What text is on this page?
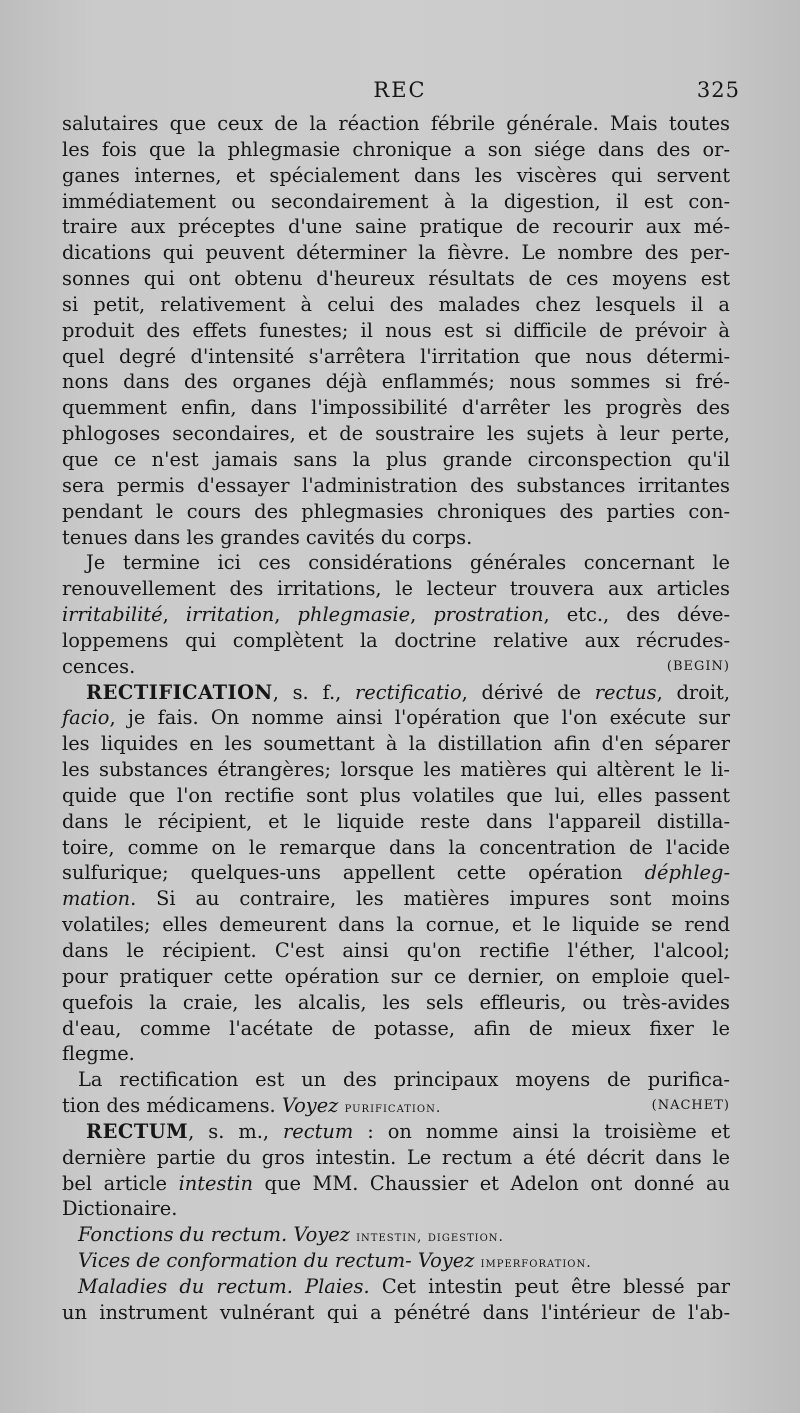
REC	325
salutaires que ceux de la réaction fébrile générale. Mais toutes
les fois que la phlegmasie chronique a son siége dans des or-
ganes internes, et spécialement dans les viscères qui servent
immédiatement ou secondairement à la digestion, il est con-
traire aux préceptes d'une saine pratique de recourir aux mé-
dications qui peuvent déterminer la fièvre. Le nombre des per-
sonnes qui ont obtenu d'heureux résultats de ces moyens est
si petit, relativement à celui des malades chez lesquels il a
produit des effets funestes; il nous est si difficile de prévoir à
quel degré d'intensité s'arrêtera l'irritation que nous détermi-
nons dans des organes déjà enflammés; nous sommes si fré-
quemment enfin, dans l'impossibilité d'arrêter les progrès des
phlogoses secondaires, et de soustraire les sujets à leur perte,
que ce n'est jamais sans la plus grande circonspection qu'il
sera permis d'essayer l'administration des substances irritantes
pendant le cours des phlegmasies chroniques des parties con-
tenues dans les grandes cavités du corps.
Je termine ici ces considérations générales concernant le
renouvellement des irritations, le lecteur trouvera aux articles
irritabilité, irritation, phlegmasie, prostration, etc., des déve-
loppemens qui complètent la doctrine relative aux récrudes-
cences.	(BEGIN)
RECTIFICATION, s. f., rectificatio, dérivé de rectus, droit,
facio, je fais. On nomme ainsi l'opération que l'on exécute sur
les liquides en les soumettant à la distillation afin d'en séparer
les substances étrangères; lorsque les matières qui altèrent le li-
quide que l'on rectifie sont plus volatiles que lui, elles passent
dans le récipient, et le liquide reste dans l'appareil distilla-
toire, comme on le remarque dans la concentration de l'acide
sulfurique; quelques-uns appellent cette opération déphleg-
mation. Si au contraire, les matières impures sont moins
volatiles; elles demeurent dans la cornue, et le liquide se rend
dans le récipient. C'est ainsi qu'on rectifie l'éther, l'alcool;
pour pratiquer cette opération sur ce dernier, on emploie quel-
quefois la craie, les alcalis, les sels effleuris, ou très-avides
d'eau, comme l'acétate de potasse, afin de mieux fixer le
flegme.
La rectification est un des principaux moyens de purifica-
tion des médicamens. Voyez purification.	(NACHET)
RECTUM, s. m., rectum : on nomme ainsi la troisième et
dernière partie du gros intestin. Le rectum a été décrit dans le
bel article intestin que MM. Chaussier et Adelon ont donné au
Dictionaire.
Fonctions du rectum. Voyez intestin, digestion.
Vices de conformation du rectum- Voyez imperforation.
Maladies du rectum. Plaies. Cet intestin peut être blessé par
un instrument vulnérant qui a pénétré dans l'intérieur de l'ab-
